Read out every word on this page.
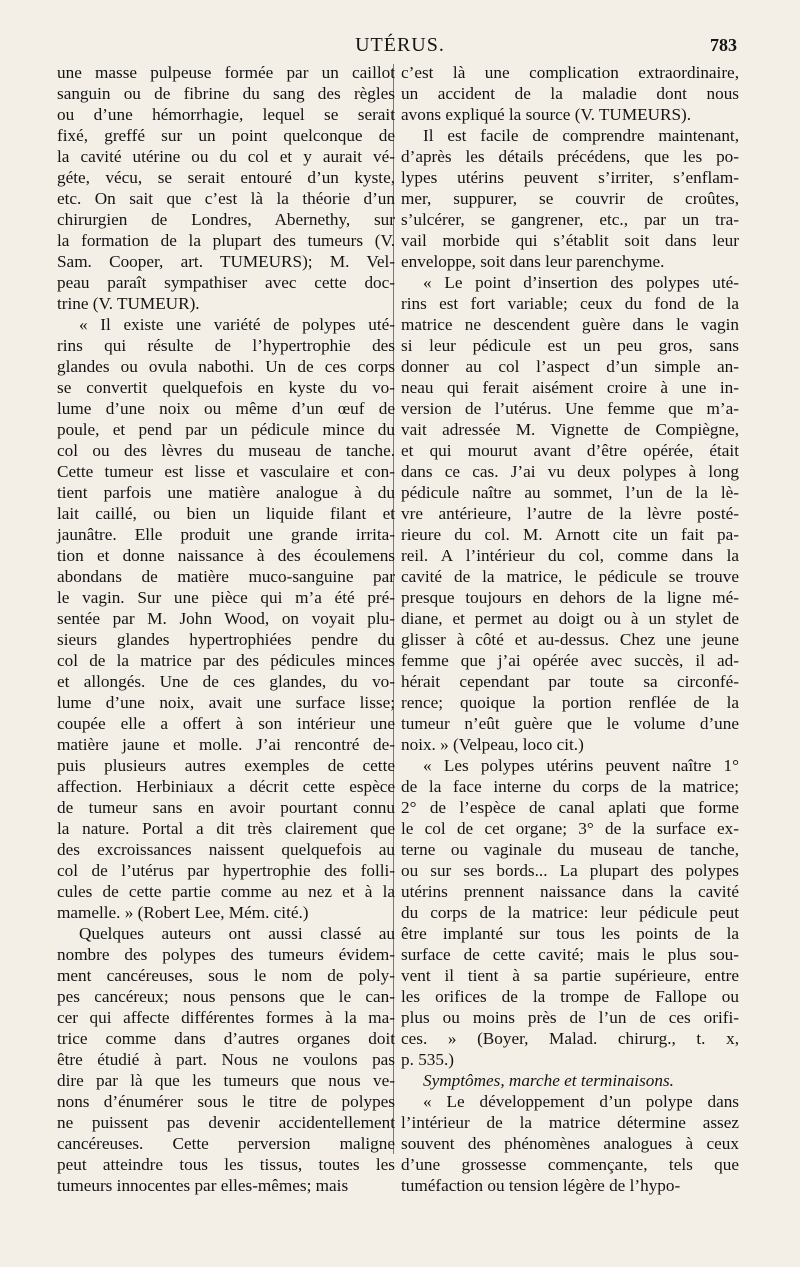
UTÉRUS.	783
une masse pulpeuse formée par un caillot
sanguin ou de fibrine du sang des règles
ou d’une hémorrhagie, lequel se serait
fixé, greffé sur un point quelconque de
la cavité utérine ou du col et y aurait vé-
géte, vécu, se serait entouré d’un kyste,
etc. On sait que c’est là la théorie d’un
chirurgien de Londres, Abernethy, sur
la formation de la plupart des tumeurs (V.
Sam. Cooper, art. TUMEURS); M. Vel-
peau paraît sympathiser avec cette doc-
trine (V. TUMEUR).
« Il existe une variété de polypes uté-
rins qui résulte de l’hypertrophie des
glandes ou ovula nabothi. Un de ces corps
se convertit quelquefois en kyste du vo-
lume d’une noix ou même d’un œuf de
poule, et pend par un pédicule mince du
col ou des lèvres du museau de tanche.
Cette tumeur est lisse et vasculaire et con-
tient parfois une matière analogue à du
lait caillé, ou bien un liquide filant et
jaunâtre. Elle produit une grande irrita-
tion et donne naissance à des écoulemens
abondans de matière muco-sanguine par
le vagin. Sur une pièce qui m’a été pré-
sentée par M. John Wood, on voyait plu-
sieurs glandes hypertrophiées pendre du
col de la matrice par des pédicules minces
et allongés. Une de ces glandes, du vo-
lume d’une noix, avait une surface lisse;
coupée elle a offert à son intérieur une
matière jaune et molle. J’ai rencontré de-
puis plusieurs autres exemples de cette
affection. Herbiniaux a décrit cette espèce
de tumeur sans en avoir pourtant connu
la nature. Portal a dit très clairement que
des excroissances naissent quelquefois au
col de l’utérus par hypertrophie des folli-
cules de cette partie comme au nez et à la
mamelle. » (Robert Lee, Mém. cité.)
Quelques auteurs ont aussi classé au
nombre des polypes des tumeurs évidem-
ment cancéreuses, sous le nom de poly-
pes cancéreux; nous pensons que le can-
cer qui affecte différentes formes à la ma-
trice comme dans d’autres organes doit
être étudié à part. Nous ne voulons pas
dire par là que les tumeurs que nous ve-
nons d’énumérer sous le titre de polypes
ne puissent pas devenir accidentellement
cancéreuses. Cette perversion maligne
peut atteindre tous les tissus, toutes les
tumeurs innocentes par elles-mêmes; mais
c’est là une complication extraordinaire,
un accident de la maladie dont nous
avons expliqué la source (V. TUMEURS).
Il est facile de comprendre maintenant,
d’après les détails précédens, que les po-
lypes utérins peuvent s’irriter, s’enflam-
mer, suppurer, se couvrir de croûtes,
s’ulcérer, se gangrener, etc., par un tra-
vail morbide qui s’établit soit dans leur
enveloppe, soit dans leur parenchyme.
« Le point d’insertion des polypes uté-
rins est fort variable; ceux du fond de la
matrice ne descendent guère dans le vagin
si leur pédicule est un peu gros, sans
donner au col l’aspect d’un simple an-
neau qui ferait aisément croire à une in-
version de l’utérus. Une femme que m’a-
vait adressée M. Vignette de Compiègne,
et qui mourut avant d’être opérée, était
dans ce cas. J’ai vu deux polypes à long
pédicule naître au sommet, l’un de la lè-
vre antérieure, l’autre de la lèvre posté-
rieure du col. M. Arnott cite un fait pa-
reil. A l’intérieur du col, comme dans la
cavité de la matrice, le pédicule se trouve
presque toujours en dehors de la ligne mé-
diane, et permet au doigt ou à un stylet de
glisser à côté et au-dessus. Chez une jeune
femme que j’ai opérée avec succès, il ad-
hérait cependant par toute sa circonfé-
rence; quoique la portion renflée de la
tumeur n’eût guère que le volume d’une
noix. » (Velpeau, loco cit.)
« Les polypes utérins peuvent naître 1°
de la face interne du corps de la matrice;
2° de l’espèce de canal aplati que forme
le col de cet organe; 3° de la surface ex-
terne ou vaginale du museau de tanche,
ou sur ses bords... La plupart des polypes
utérins prennent naissance dans la cavité
du corps de la matrice: leur pédicule peut
être implanté sur tous les points de la
surface de cette cavité; mais le plus sou-
vent il tient à sa partie supérieure, entre
les orifices de la trompe de Fallope ou
plus ou moins près de l’un de ces orifi-
ces. » (Boyer, Malad. chirurg., t. x,
p. 535.)
Symptômes, marche et terminaisons.
« Le développement d’un polype dans
l’intérieur de la matrice détermine assez
souvent des phénomènes analogues à ceux
d’une grossesse commençante, tels que
tuméfaction ou tension légère de l’hypo-
